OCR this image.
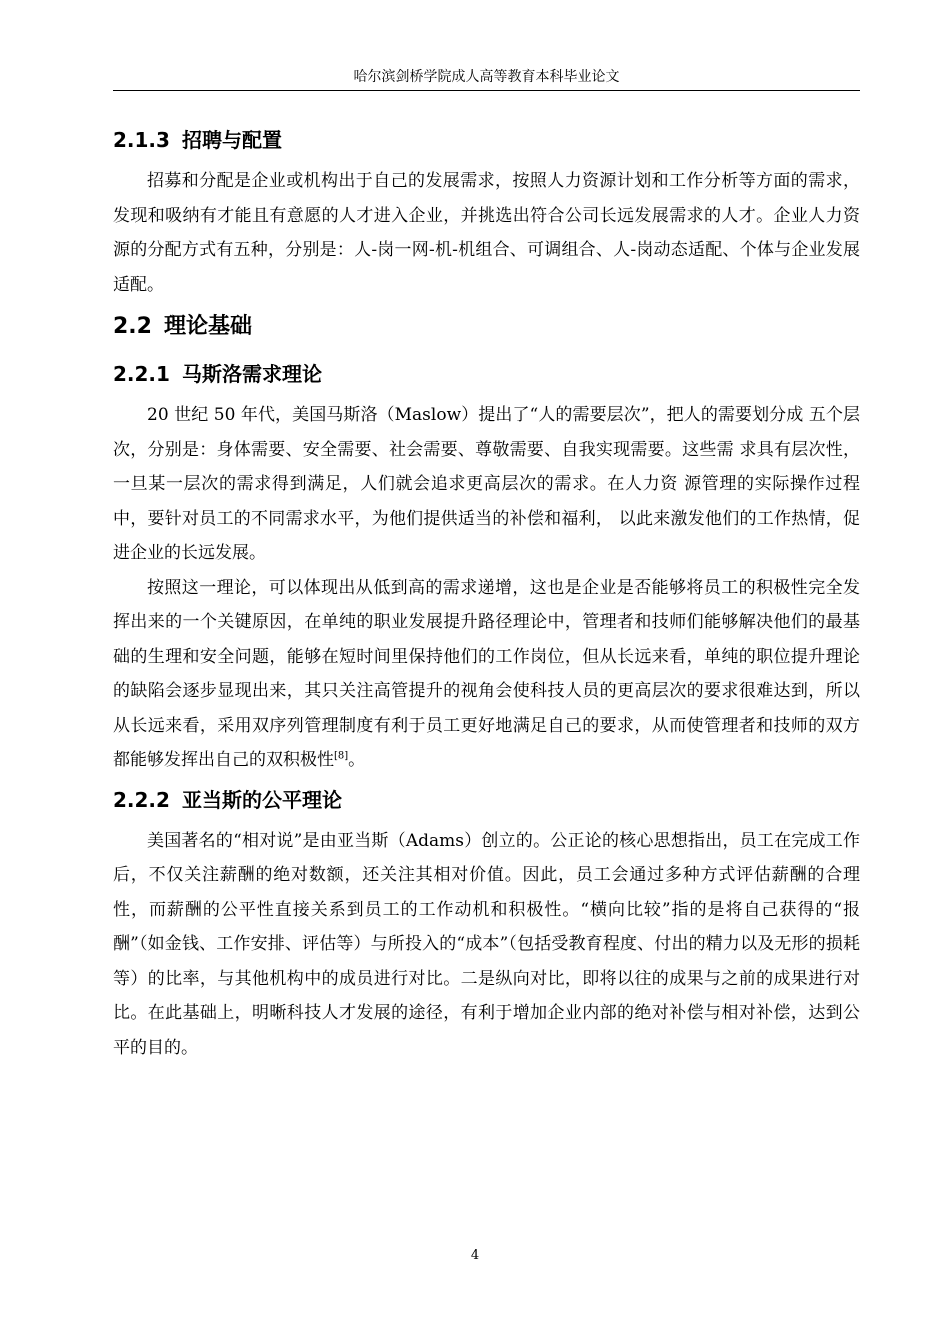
哈尔滨剑桥学院成人高等教育本科毕业论文
2.1.3 招聘与配置

招募和分配是企业或机构出于自己的发展需求，按照人力资源计划和工作分析等方面的需求，发现和吸纳有才能且有意愿的人才进入企业，并挑选出符合公司长远发展需求的人才。企业人力资源的分配方式有五种，分别是：人-岗一网-机-机组合、可调组合、人-岗动态适配、个体与企业发展适配。

2.2 理论基础
2.2.1 马斯洛需求理论

20 世纪 50 年代，美国马斯洛（Maslow）提出了“人的需要层次”，把人的需要划分成 五个层次，分别是：身体需要、安全需要、社会需要、尊敬需要、自我实现需要。这些需 求具有层次性，一旦某一层次的需求得到满足，人们就会追求更高层次的需求。在人力资 源管理的实际操作过程中，要针对员工的不同需求水平，为他们提供适当的补偿和福利， 以此来激发他们的工作热情，促进企业的长远发展。

按照这一理论，可以体现出从低到高的需求递增，这也是企业是否能够将员工的积极性完全发挥出来的一个关键原因，在单纯的职业发展提升路径理论中，管理者和技师们能够解决他们的最基础的生理和安全问题，能够在短时间里保持他们的工作岗位，但从长远来看，单纯的职位提升理论的缺陷会逐步显现出来，其只关注高管提升的视角会使科技人员的更高层次的要求很难达到，所以从长远来看，采用双序列管理制度有利于员工更好地满足自己的要求，从而使管理者和技师的双方都能够发挥出自己的双积极性[8]。

2.2.2 亚当斯的公平理论

美国著名的“相对说”是由亚当斯（Adams）创立的。公正论的核心思想指出，员工在完成工作后，不仅关注薪酬的绝对数额，还关注其相对价值。因此，员工会通过多种方式评估薪酬的合理性，而薪酬的公平性直接关系到员工的工作动机和积极性。“横向比较”指的是将自己获得的“报酬”（如金钱、工作安排、评估等）与所投入的“成本”（包括受教育程度、付出的精力以及无形的损耗等）的比率，与其他机构中的成员进行对比。二是纵向对比，即将以往的成果与之前的成果进行对比。在此基础上，明晰科技人才发展的途径，有利于增加企业内部的绝对补偿与相对补偿，达到公平的目的。

4
